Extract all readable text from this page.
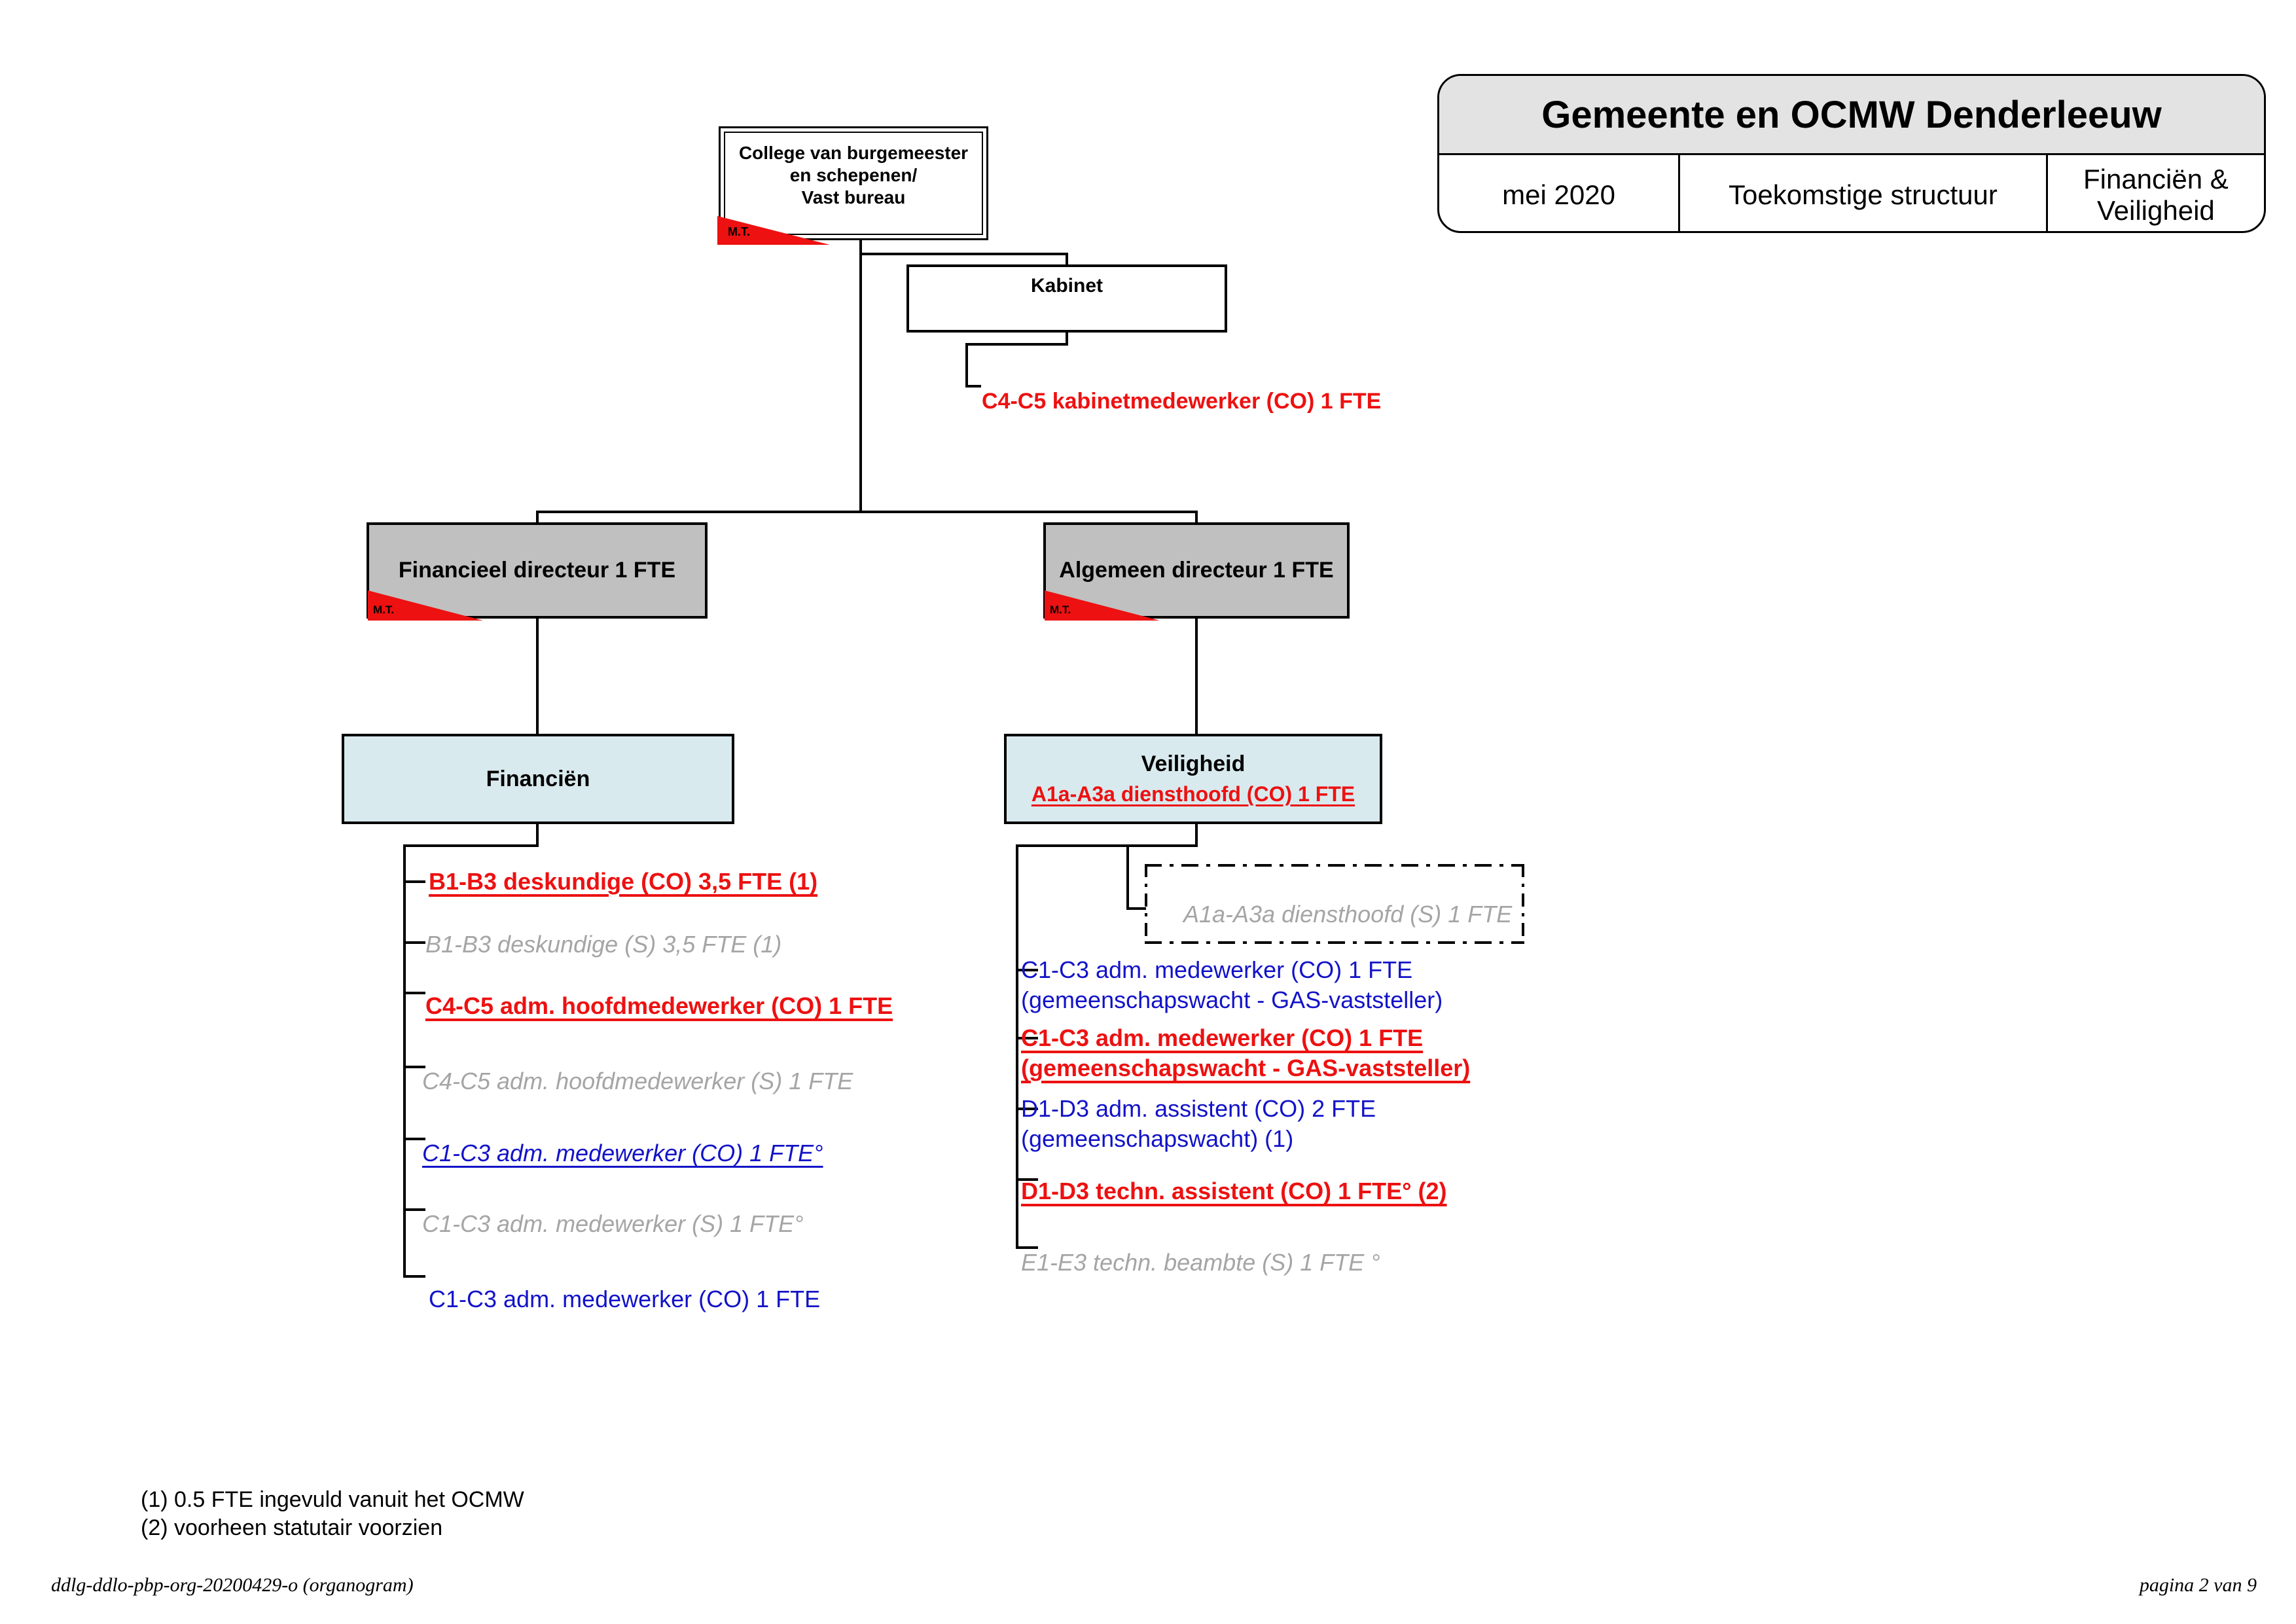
Gemeente en OCMW Denderleeuw
mei 2020	Toekomstige structuur
Financiën & Veiligheid
College van burgemeester
en schepenen/
Vast bureau
M.T.
Kabinet
C4-C5 kabinetmedewerker (CO) 1 FTE
Financieel directeur 1 FTE
M.T.
Algemeen directeur 1 FTE
M.T.
Financiën
Veiligheid
A1a-A3a diensthoofd (CO) 1 FTE
A1a-A3a diensthoofd (S) 1 FTE
B1-B3 deskundige (CO) 3,5 FTE (1)
B1-B3 deskundige (S) 3,5 FTE (1)
C4-C5 adm. hoofdmedewerker (CO) 1 FTE
C4-C5 adm. hoofdmedewerker (S) 1 FTE
C1-C3 adm. medewerker (CO) 1 FTE°
C1-C3 adm. medewerker (S) 1 FTE°
C1-C3 adm. medewerker (CO) 1 FTE
C1-C3 adm. medewerker (CO) 1 FTE
(gemeenschapswacht - GAS-vaststeller)
C1-C3 adm. medewerker (CO) 1 FTE
(gemeenschapswacht - GAS-vaststeller)
D1-D3 adm. assistent (CO) 2 FTE
(gemeenschapswacht) (1)
D1-D3 techn. assistent (CO) 1 FTE° (2)
E1-E3 techn. beambte (S) 1 FTE °
(1) 0.5 FTE ingevuld vanuit het OCMW
(2) voorheen statutair voorzien
ddlg-ddlo-pbp-org-20200429-o (organogram)	pagina 2 van 9
